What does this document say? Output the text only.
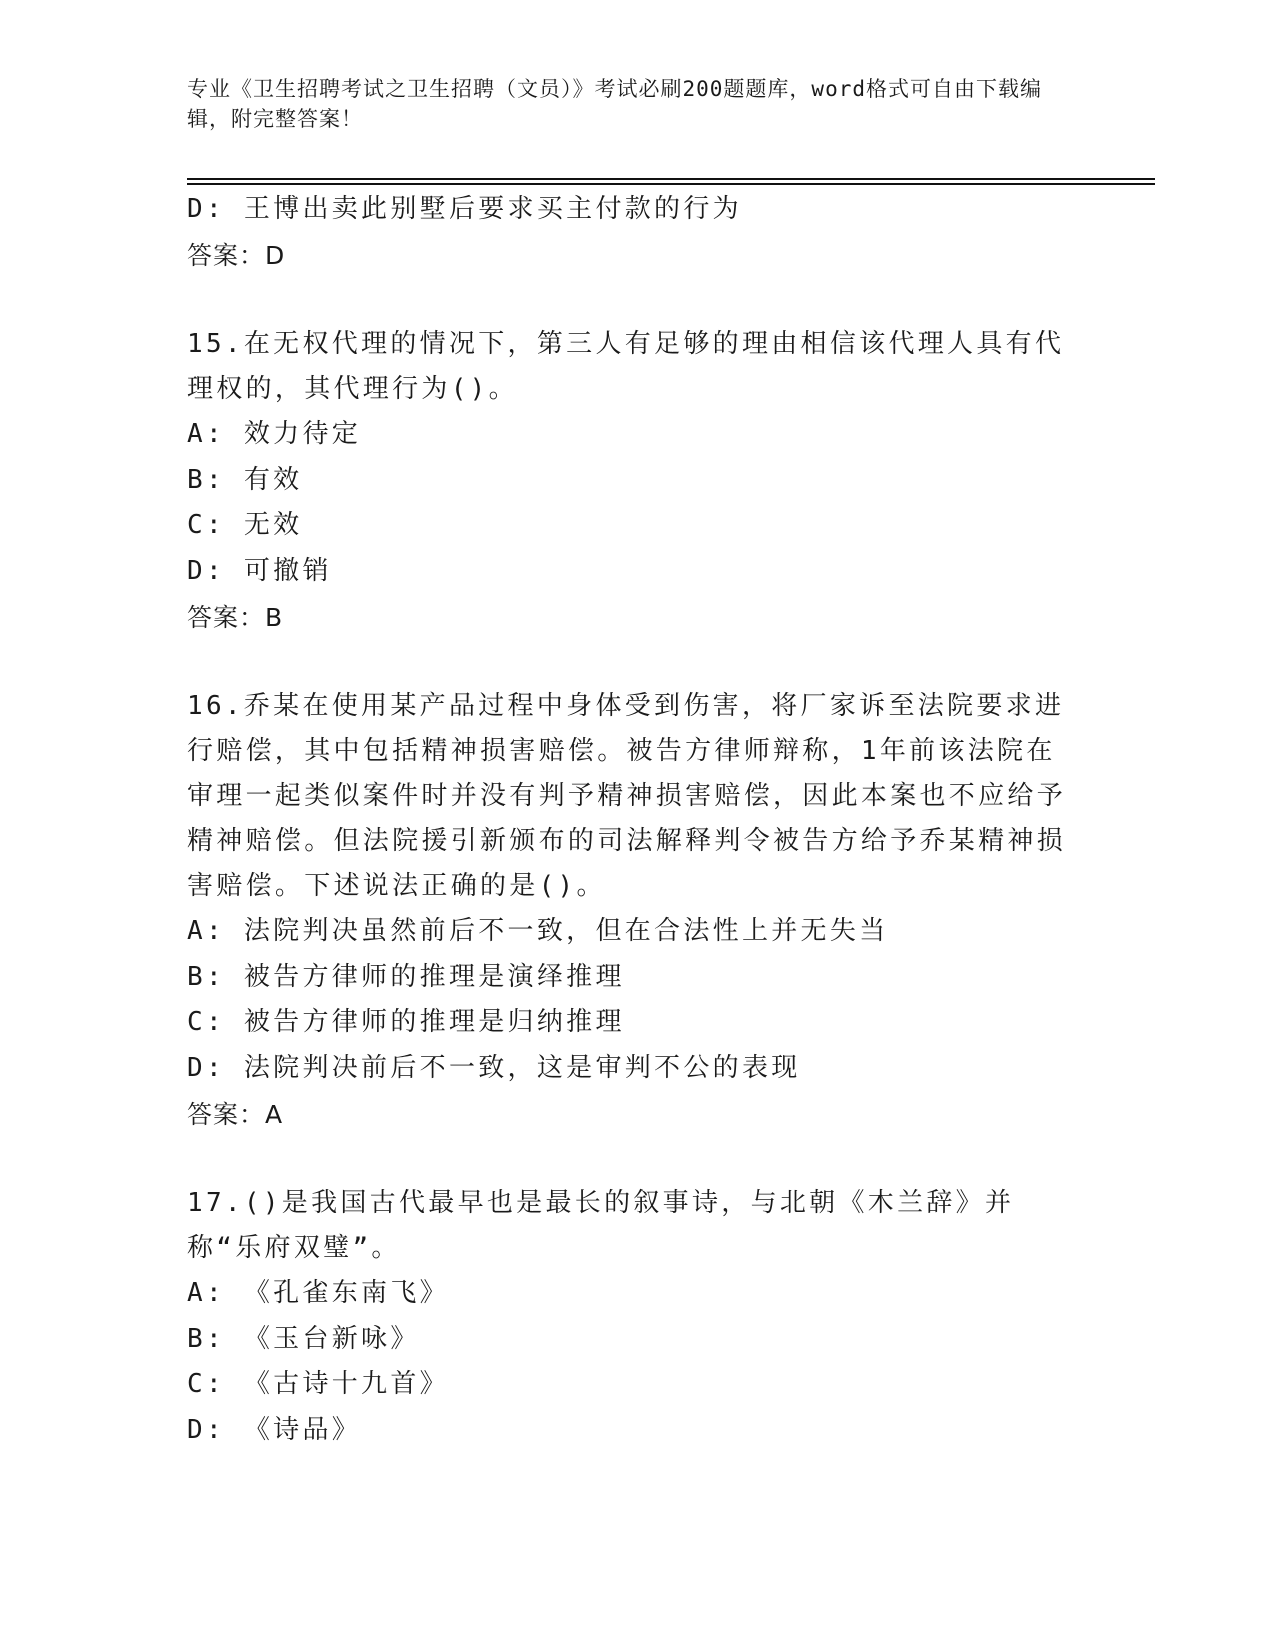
专业《卫生招聘考试之卫生招聘（文员）》考试必刷200题题库，word格式可自由下载编辑，附完整答案！
D: 王博出卖此别墅后要求买主付款的行为
答案：D
15.在无权代理的情况下，第三人有足够的理由相信该代理人具有代理权的，其代理行为()。
A: 效力待定
B: 有效
C: 无效
D: 可撤销
答案：B
16.乔某在使用某产品过程中身体受到伤害，将厂家诉至法院要求进行赔偿，其中包括精神损害赔偿。被告方律师辩称，1年前该法院在审理一起类似案件时并没有判予精神损害赔偿，因此本案也不应给予精神赔偿。但法院援引新颁布的司法解释判令被告方给予乔某精神损害赔偿。下述说法正确的是()。
A: 法院判决虽然前后不一致，但在合法性上并无失当
B: 被告方律师的推理是演绎推理
C: 被告方律师的推理是归纳推理
D: 法院判决前后不一致，这是审判不公的表现
答案：A
17.()是我国古代最早也是最长的叙事诗，与北朝《木兰辞》并称“乐府双璧”。
A: 《孔雀东南飞》
B: 《玉台新咏》
C: 《古诗十九首》
D: 《诗品》
